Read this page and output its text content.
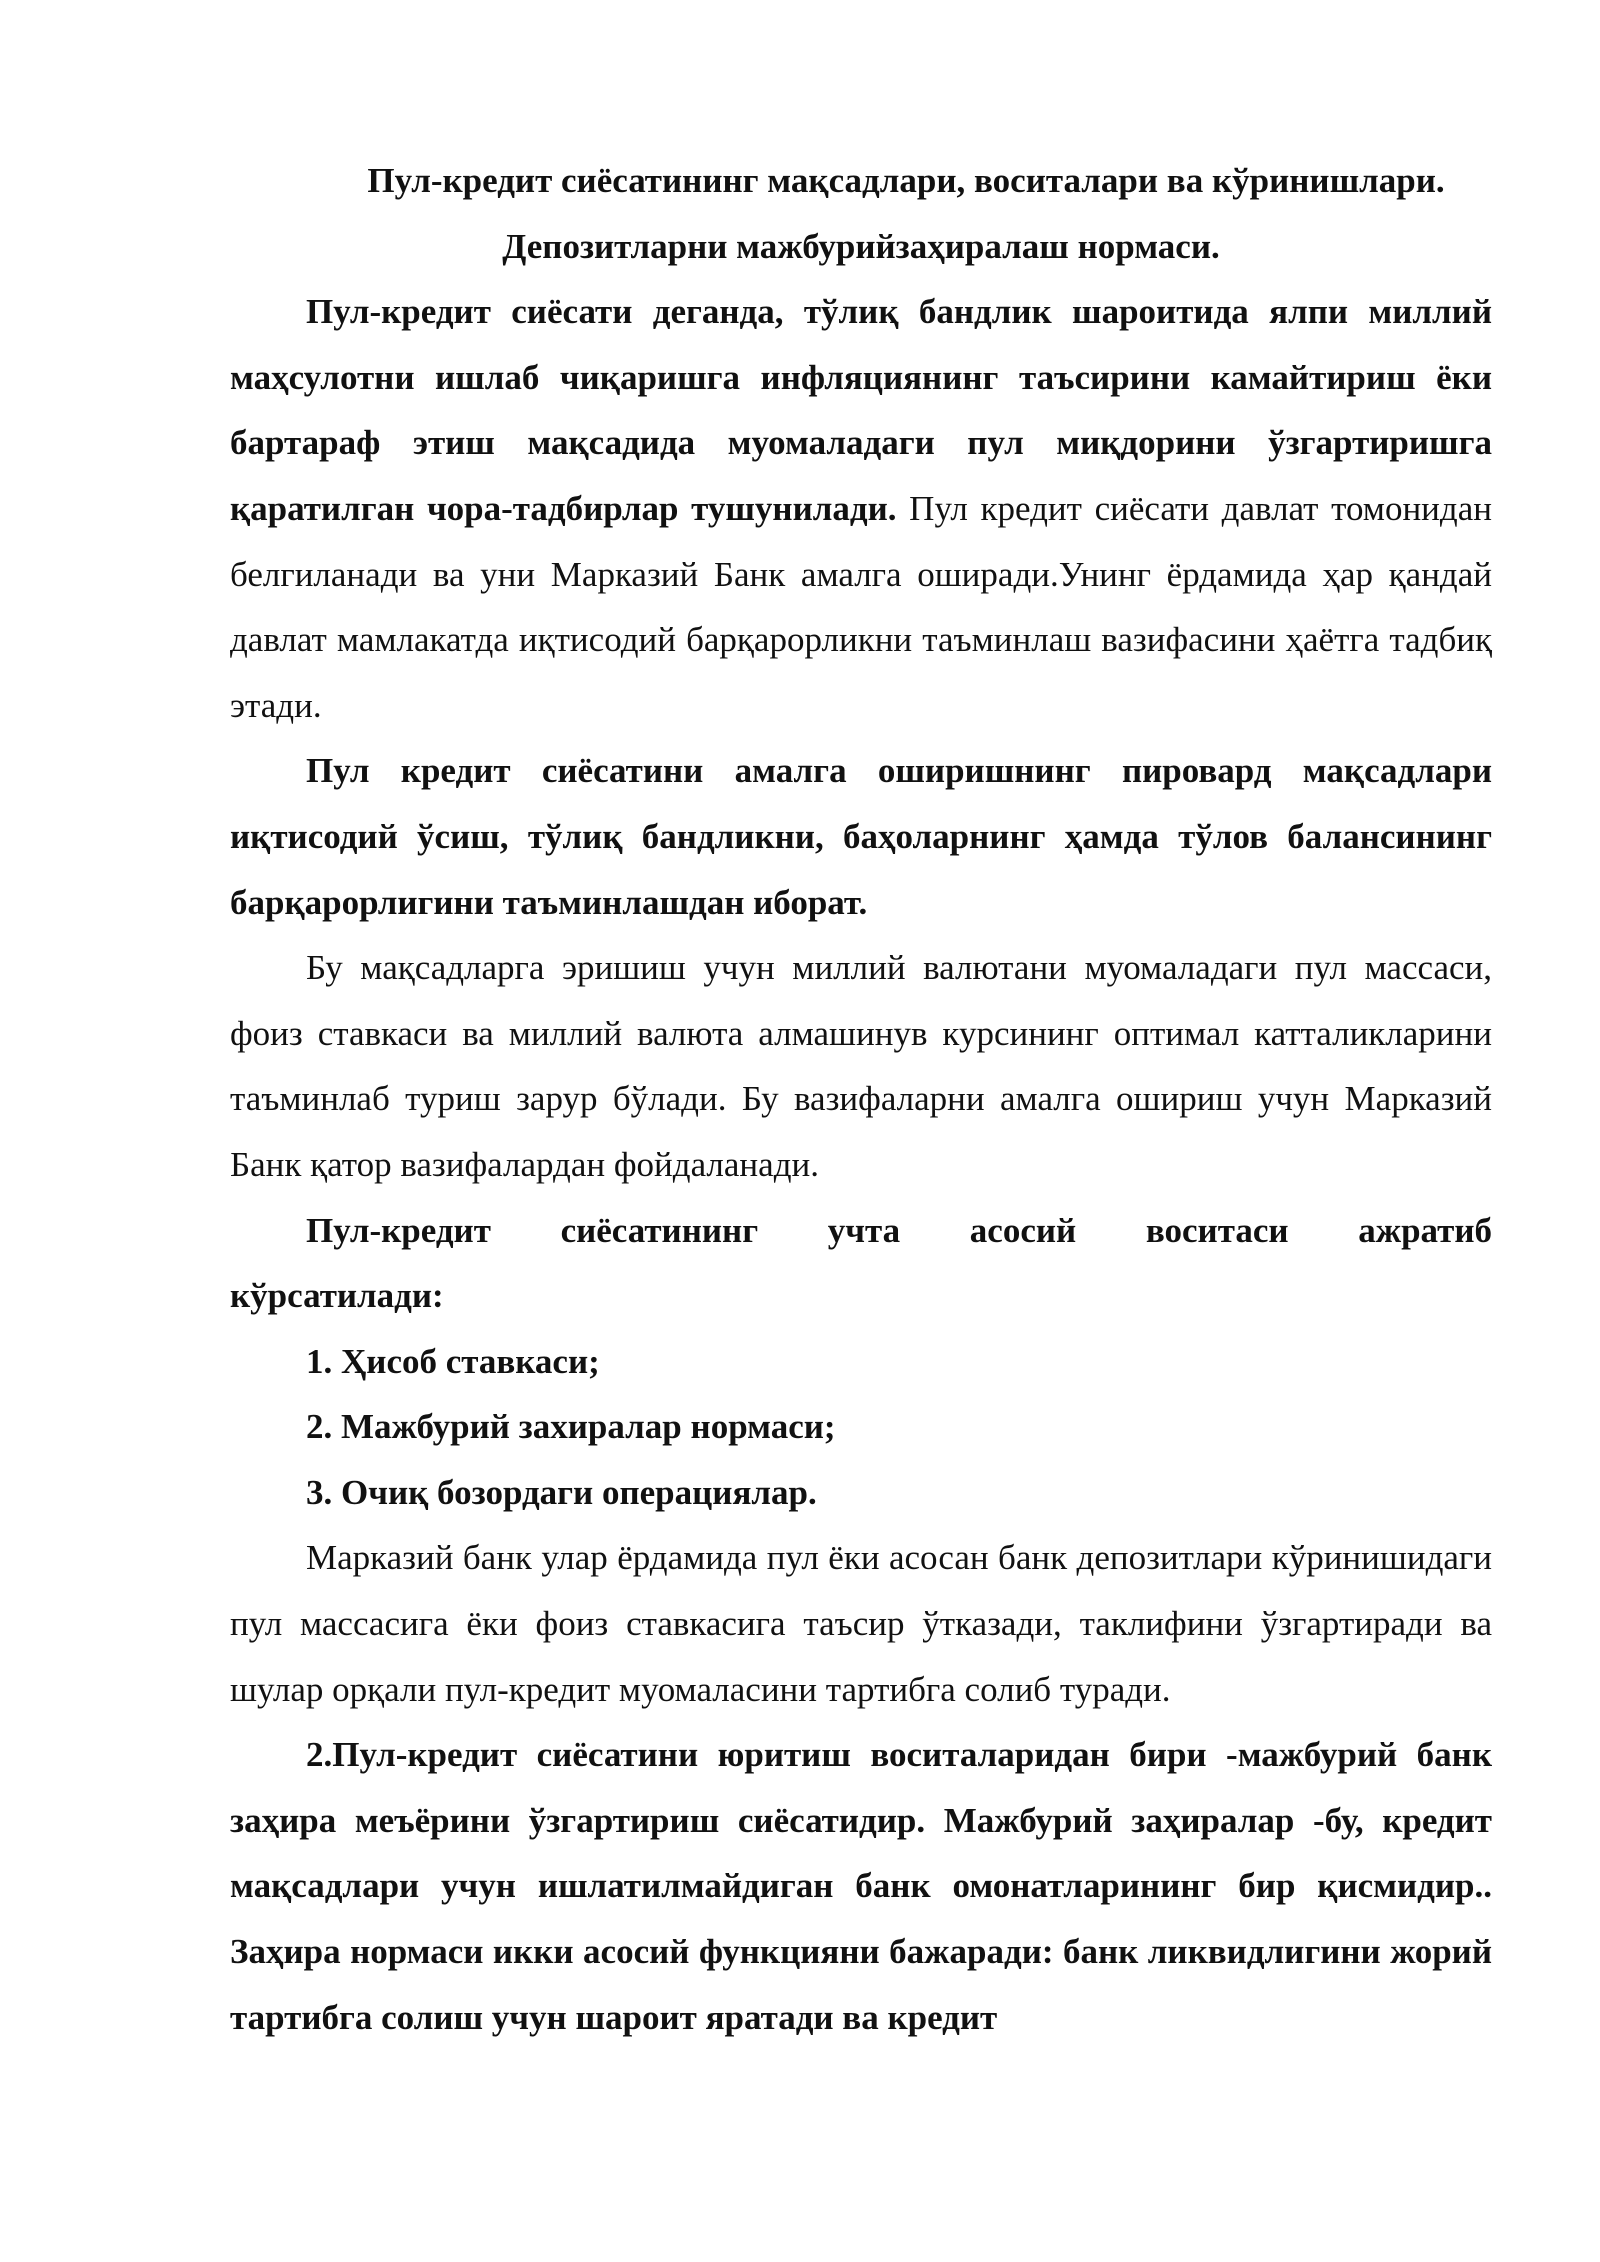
Пул-кредит сиёсатининг мақсадлари, воситалари ва кўринишлари.

Депозитларни мажбурийзаҳиралаш нормаси.

Пул-кредит сиёсати деганда, тўлиқ бандлик шароитида ялпи миллий маҳсулотни ишлаб чиқаришга инфляциянинг таъсирини камайтириш ёки бартараф этиш мақсадида муомаладаги пул миқдорини ўзгартиришга қаратилган чора-тадбирлар тушунилади. Пул кредит сиёсати давлат томонидан белгиланади ва уни Марказий Банк амалга оширади.Унинг ёрдамида ҳар қандай давлат мамлакатда иқтисодий барқарорликни таъминлаш вазифасини ҳаётга тадбиқ этади.

Пул кредит сиёсатини амалга оширишнинг пировард мақсадлари иқтисодий ўсиш, тўлиқ бандликни, баҳоларнинг ҳамда тўлов балансининг барқарорлигини таъминлашдан иборат.

Бу мақсадларга эришиш учун миллий валютани муомаладаги пул массаси, фоиз ставкаси ва миллий валюта алмашинув курсининг оптимал катталикларини таъминлаб туриш зарур бўлади. Бу вазифаларни амалга ошириш учун Марказий Банк қатор вазифалардан фойдаланади.

Пул-кредит сиёсатининг учта асосий воситаси ажратиб

кўрсатилади:

1. Ҳисоб ставкаси;

2. Мажбурий захиралар нормаси;

3. Очиқ бозордаги операциялар.

Марказий банк улар ёрдамида пул ёки асосан банк депозитлари кўринишидаги пул массасига ёки фоиз ставкасига таъсир ўтказади, таклифини ўзгартиради ва шулар орқали пул-кредит муомаласини тартибга солиб туради.

2.Пул-кредит сиёсатини юритиш воситаларидан бири -мажбурий банк заҳира меъёрини ўзгартириш сиёсатидир. Мажбурий заҳиралар -бу, кредит мақсадлари учун ишлатилмайдиган банк омонатларининг бир қисмидир.. Заҳира нормаси икки асосий функцияни бажаради: банк ликвидлигини жорий тартибга солиш учун шароит яратади ва кредит
